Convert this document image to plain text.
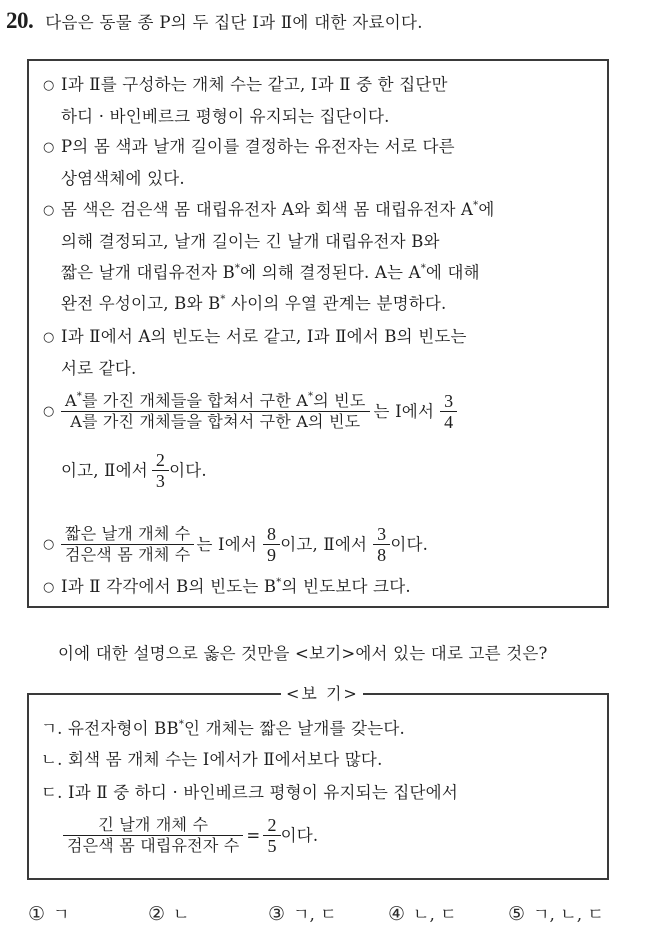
20. 다음은 동물 종 P의 두 집단 Ⅰ과 Ⅱ에 대한 자료이다.
○ Ⅰ과 Ⅱ를 구성하는 개체 수는 같고, Ⅰ과 Ⅱ 중 한 집단만
하디 · 바인베르크 평형이 유지되는 집단이다.
○ P의 몸 색과 날개 길이를 결정하는 유전자는 서로 다른
상염색체에 있다.
○ 몸 색은 검은색 몸 대립유전자 A와 회색 몸 대립유전자 A*에
의해 결정되고, 날개 길이는 긴 날개 대립유전자 B와
짧은 날개 대립유전자 B*에 의해 결정된다. A는 A*에 대해
완전 우성이고, B와 B* 사이의 우열 관계는 분명하다.
○ Ⅰ과 Ⅱ에서 A의 빈도는 서로 같고, Ⅰ과 Ⅱ에서 B의 빈도는
서로 같다.
○ $\frac{A^*를 가진 개체들을 합쳐서 구한 A^*의 빈도}{\text{A를 가진 개체들을 합쳐서 구한 A의 빈도}}$ 는 Ⅰ에서 $\frac{3}{4}$
이고, Ⅱ에서 $\frac{2}{3}$ 이다.
○ $\frac{\text{짧은 날개 개체 수}}{\text{검은색 몸 개체 수}}$ 는 Ⅰ에서 $\frac{8}{9}$ 이고, Ⅱ에서 $\frac{3}{8}$ 이다.
○ Ⅰ과 Ⅱ 각각에서 B의 빈도는 B*의 빈도보다 크다.
이에 대한 설명으로 옳은 것만을 <보기>에서 있는 대로 고른 것은?
<보 기>
ㄱ. 유전자형이 BB*인 개체는 짧은 날개를 갖는다.
ㄴ. 회색 몸 개체 수는 Ⅰ에서가 Ⅱ에서보다 많다.
ㄷ. Ⅰ과 Ⅱ 중 하디 · 바인베르크 평형이 유지되는 집단에서
$\frac{\text{긴 날개 개체 수}}{\text{검은색 몸 대립유전자 수}} = \frac{2}{5}$ 이다.
① ㄱ	② ㄴ	③ ㄱ, ㄷ	④ ㄴ, ㄷ	⑤ ㄱ, ㄴ, ㄷ
